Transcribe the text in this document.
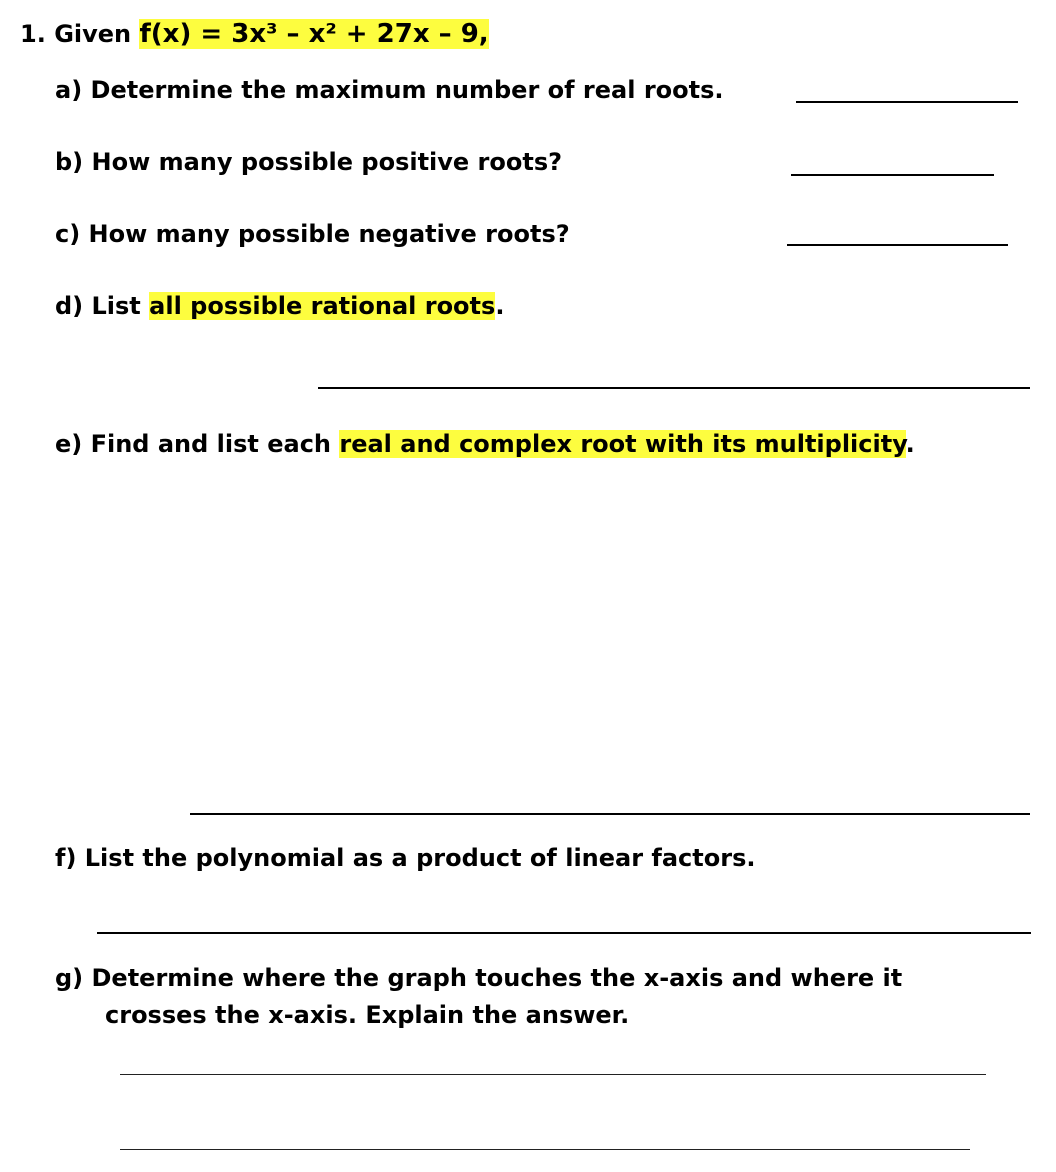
1. Given f(x) = 3x³ – x² + 27x – 9,
a) Determine the maximum number of real roots.
b) How many possible positive roots?
c) How many possible negative roots?
d) List all possible rational roots.
e) Find and list each real and complex root with its multiplicity.
f) List the polynomial as a product of linear factors.
g) Determine where the graph touches the x-axis and where it
crosses the x-axis. Explain the answer.
